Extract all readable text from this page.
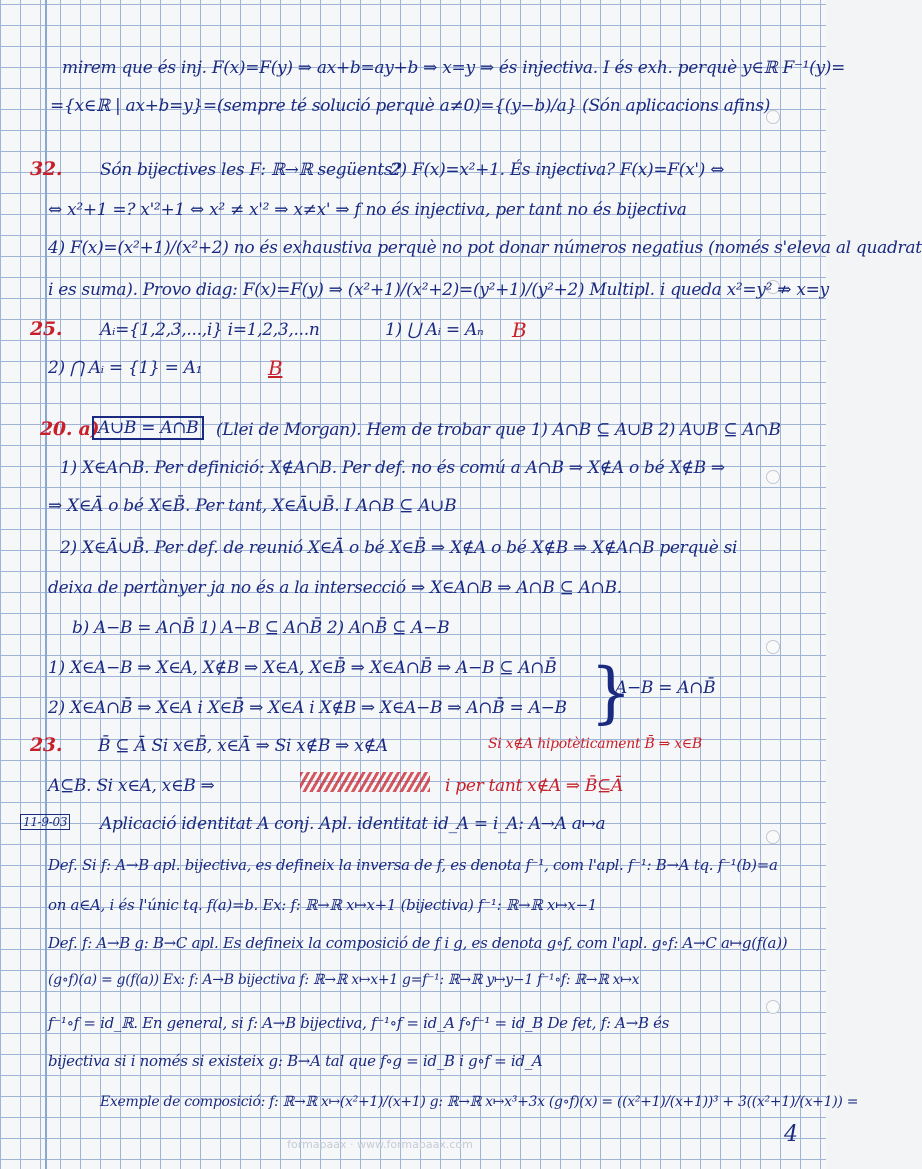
mirem que és inj. F(x)=F(y) ⇒ ax+b=ay+b ⇒ x=y ⇒ és injectiva. I és exh. perquè y∈ℝ F⁻¹(y)=
={x∈ℝ | ax+b=y}=(sempre té solució perquè a≠0)={(y−b)/a} (Són aplicacions afins)
32. Són bijectives les F: ℝ→ℝ següents?
2) F(x)=x²+1. És injectiva? F(x)=F(x') ⇔
⇔ x²+1 =? x'²+1 ⇔ x² ≠ x'² ⇒ x≠x' ⇒ f no és injectiva, per tant no és bijectiva
4) F(x)=(x²+1)/(x²+2) no és exhaustiva perquè no pot donar números negatius (només s'eleva al quadrat
i es suma). Provo diag: F(x)=F(y) ⇒ (x²+1)/(x²+2)=(y²+1)/(y²+2) Multipl. i queda x²=y² ⇏ x=y
25. Aᵢ={1,2,3,...,i} i=1,2,3,...n	1) ⋃ Aᵢ = Aₙ B
2) ⋂ Aᵢ = {1} = A₁	B
20. a)
A∪B = A∩B	(Llei de Morgan). Hem de trobar que 1) A∩B ⊆ A∪B 2) A∪B ⊆ A∩B
1) X∈A∩B. Per definició: X∉A∩B. Per def. no és comú a A∩B ⇒ X∉A o bé X∉B ⇒
⇒ X∈Ā o bé X∈B̄. Per tant, X∈Ā∪B̄. I A∩B ⊆ A∪B
2) X∈Ā∪B̄. Per def. de reunió X∈Ā o bé X∈B̄ ⇒ X∉A o bé X∉B ⇒ X∉A∩B perquè si
deixa de pertànyer ja no és a la intersecció ⇒ X∈A∩B ⇒ A∩B ⊆ A∩B.
b) A−B = A∩B̄ 1) A−B ⊆ A∩B̄ 2) A∩B̄ ⊆ A−B
1) X∈A−B ⇒ X∈A, X∉B ⇒ X∈A, X∈B̄ ⇒ X∈A∩B̄ ⇒ A−B ⊆ A∩B̄
2) X∈A∩B̄ ⇒ X∈A i X∈B̄ ⇒ X∈A i X∉B ⇒ X∈A−B ⇒ A∩B̄ = A−B }
A−B = A∩B̄
23. B̄ ⊆ Ā Si x∈B̄, x∈Ā ⇒ Si x∉B ⇒ x∉A	Si x∉A hipotèticament B̄ ⇒ x∈B
A⊆B. Si x∈A, x∈B ⇒	i per tant x∉A ⇒ B̄⊆Ā
11-9-03 Aplicació identitat A conj. Apl. identitat id_A = i_A: A→A a↦a
Def. Si f: A→B apl. bijectiva, es defineix la inversa de f, es denota f⁻¹, com l'apl. f⁻¹: B→A tq. f⁻¹(b)=a
on a∈A, i és l'únic tq. f(a)=b. Ex: f: ℝ→ℝ x↦x+1 (bijectiva) f⁻¹: ℝ→ℝ x↦x−1
Def. f: A→B g: B→C apl. Es defineix la composició de f i g, es denota g∘f, com l'apl. g∘f: A→C a↦g(f(a))
(g∘f)(a) = g(f(a)) Ex: f: A→B bijectiva f: ℝ→ℝ x↦x+1 g=f⁻¹: ℝ→ℝ y↦y−1 f⁻¹∘f: ℝ→ℝ x↦x
f⁻¹∘f = id_ℝ. En general, si f: A→B bijectiva, f⁻¹∘f = id_A f∘f⁻¹ = id_B De fet, f: A→B és
bijectiva si i només si existeix g: B→A tal que f∘g = id_B i g∘f = id_A
Exemple de composició: f: ℝ→ℝ x↦(x²+1)/(x+1) g: ℝ→ℝ x↦x³+3x (g∘f)(x) = ((x²+1)/(x+1))³ + 3((x²+1)/(x+1)) =
formapaax · www.formapaax.com	4
